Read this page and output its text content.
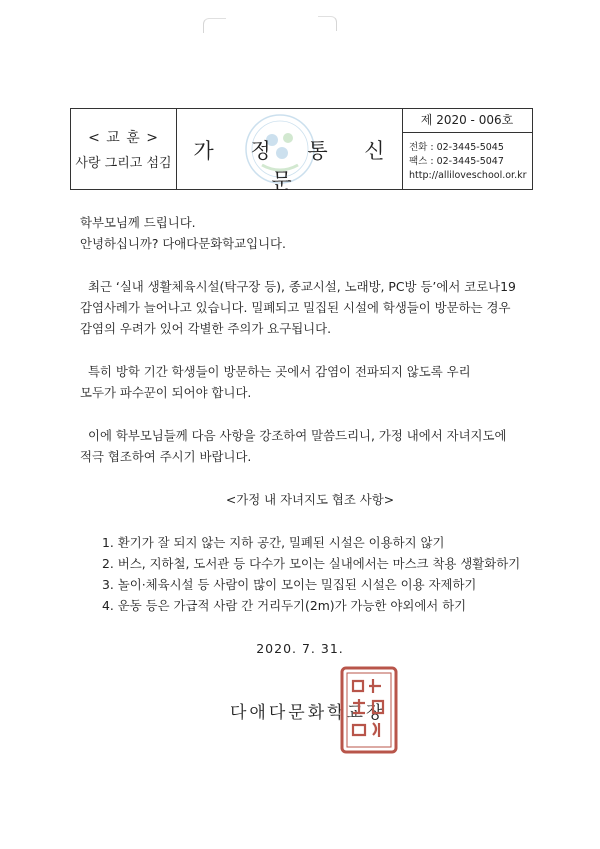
< 교 훈 >
사랑 그리고 섬김
가 정 통 신 문
제 2020 - 006호
전화 : 02-3445-5045
팩스 : 02-3445-5047
http://alliloveschool.or.kr

학부모님께 드립니다.

안녕하십니까? 다애다문화학교입니다.

최근 ‘실내 생활체육시설(탁구장 등), 종교시설, 노래방, PC방 등’에서 코로나19

감염사례가 늘어나고 있습니다. 밀폐되고 밀집된 시설에 학생들이 방문하는 경우

감염의 우려가 있어 각별한 주의가 요구됩니다.

특히 방학 기간 학생들이 방문하는 곳에서 감염이 전파되지 않도록 우리

모두가 파수꾼이 되어야 합니다.

이에 학부모님들께 다음 사항을 강조하여 말씀드리니, 가정 내에서 자녀지도에

적극 협조하여 주시기 바랍니다.

<가정 내 자녀지도 협조 사항>

1. 환기가 잘 되지 않는 지하 공간, 밀폐된 시설은 이용하지 않기
2. 버스, 지하철, 도서관 등 다수가 모이는 실내에서는 마스크 착용 생활화하기
3. 놀이·체육시설 등 사람이 많이 모이는 밀집된 시설은 이용 자제하기
4. 운동 등은 가급적 사람 간 거리두기(2m)가 가능한 야외에서 하기
2020. 7. 31.
다애다문화학교장
